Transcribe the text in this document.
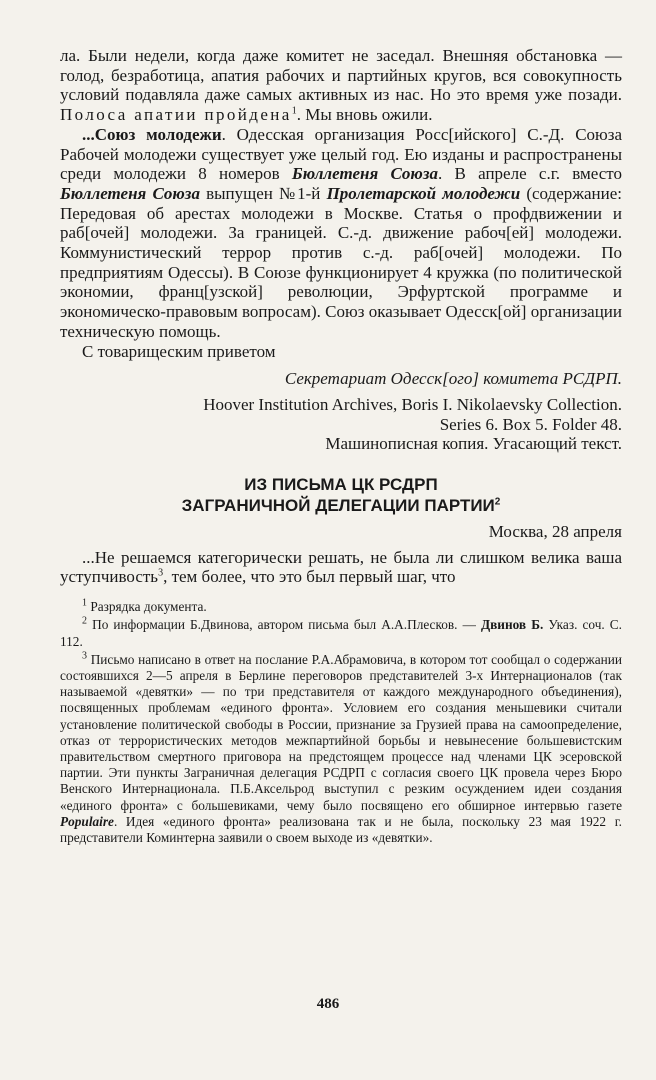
ла. Были недели, когда даже комитет не заседал. Внешняя обстановка — голод, безработица, апатия рабочих и партийных кругов, вся совокупность условий подавляла даже самых активных из нас. Но это время уже позади. Полоса апатии пройдена$^1$. Мы вновь ожили.

...Союз молодежи. Одесская организация Росс[ийского] С.-Д. Союза Рабочей молодежи существует уже целый год. Ею изданы и распространены среди молодежи 8 номеров Бюллетеня Союза. В апреле с.г. вместо Бюллетеня Союза выпущен №1-й Пролетарской молодежи (содержание: Передовая об арестах молодежи в Москве. Статья о профдвижении и раб[очей] молодежи. За границей. С.-д. движение рабоч[ей] молодежи. Коммунистический террор против с.-д. раб[очей] молодежи. По предприятиям Одессы). В Союзе функционирует 4 кружка (по политической экономии, франц[узской] революции, Эрфуртской программе и экономическо-правовым вопросам). Союз оказывает Одесск[ой] организации техническую помощь.

С товарищеским приветом

Секретариат Одесск[ого] комитета РСДРП.

Hoover Institution Archives, Boris I. Nikolaevsky Collection.

Series 6. Box 5. Folder 48.

Машинописная копия. Угасающий текст.

ИЗ ПИСЬМА ЦК РСДРП
ЗАГРАНИЧНОЙ ДЕЛЕГАЦИИ ПАРТИИ$^2$

Москва, 28 апреля

...Не решаемся категорически решать, не была ли слишком велика ваша уступчивость$^3$, тем более, что это был первый шаг, что

$^1$ Разрядка документа.

$^2$ По информации Б.Двинова, автором письма был А.А.Плесков. — Двинов Б. Указ. соч. С. 112.

$^3$ Письмо написано в ответ на послание Р.А.Абрамовича, в котором тот сообщал о содержании состоявшихся 2—5 апреля в Берлине переговоров представителей 3-х Интернационалов (так называемой «девятки» — по три представителя от каждого международного объединения), посвященных проблемам «единого фронта». Условием его создания меньшевики считали установление политической свободы в России, признание за Грузией права на самоопределение, отказ от террористических методов межпартийной борьбы и невынесение большевистским правительством смертного приговора на предстоящем процессе над членами ЦК эсеровской партии. Эти пункты Заграничная делегация РСДРП с согласия своего ЦК провела через Бюро Венского Интернационала. П.Б.Аксельрод выступил с резким осуждением идеи создания «единого фронта» с большевиками, чему было посвящено его обширное интервью газете Populaire. Идея «единого фронта» реализована так и не была, поскольку 23 мая 1922 г. представители Коминтерна заявили о своем выходе из «девятки».

486
